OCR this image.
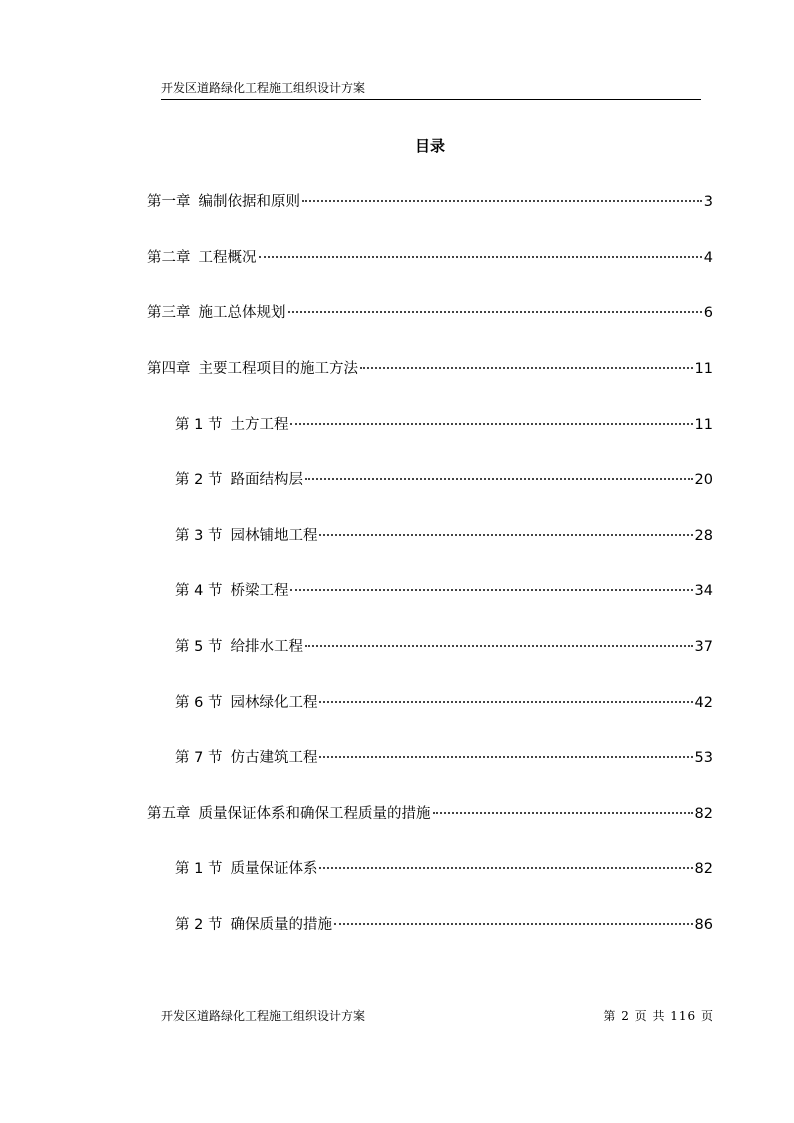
开发区道路绿化工程施工组织设计方案
目录
第一章 编制依据和原则	3
第二章 工程概况	4
第三章 施工总体规划	6
第四章 主要工程项目的施工方法	11
第 1 节 土方工程	11
第 2 节 路面结构层	20
第 3 节 园林铺地工程	28
第 4 节 桥梁工程	34
第 5 节 给排水工程	37
第 6 节 园林绿化工程	42
第 7 节 仿古建筑工程	53
第五章 质量保证体系和确保工程质量的措施	82
第 1 节 质量保证体系	82
第 2 节 确保质量的措施	86
开发区道路绿化工程施工组织设计方案	第 2 页 共 116 页
